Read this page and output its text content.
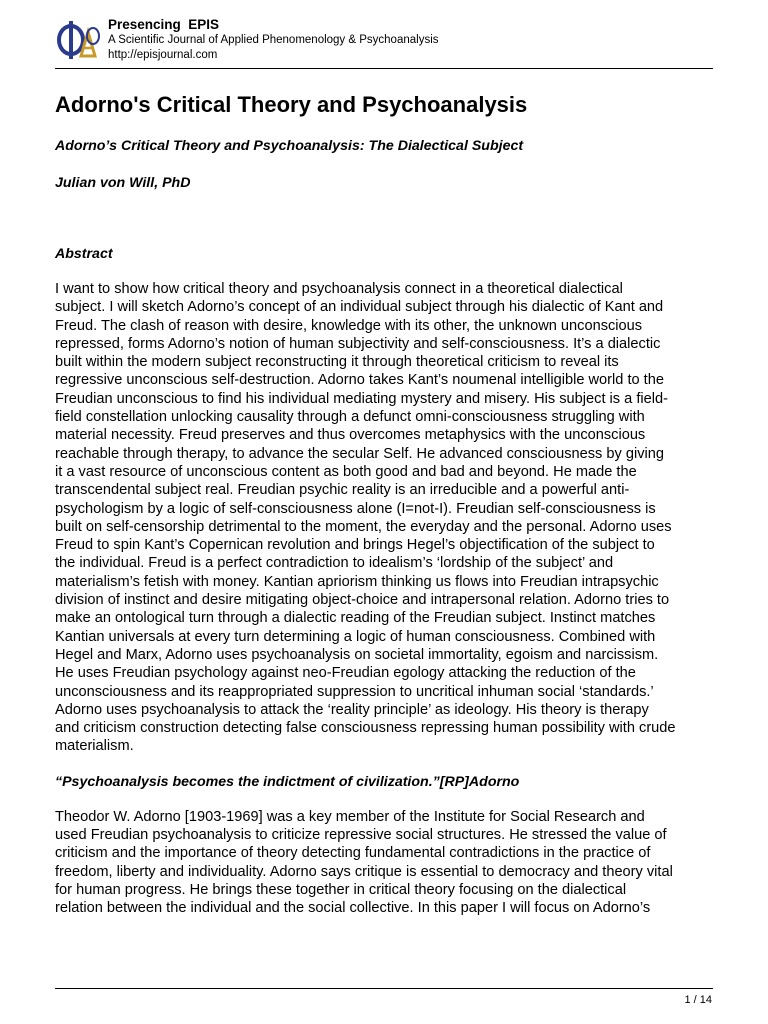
Presencing  EPIS
A Scientific Journal of Applied Phenomenology & Psychoanalysis
http://episjournal.com
Adorno's Critical Theory and Psychoanalysis
Adorno’s Critical Theory and Psychoanalysis: The Dialectical Subject
Julian von Will, PhD
Abstract
I want to show how critical theory and psychoanalysis connect in a theoretical dialectical
subject. I will sketch Adorno’s concept of an individual subject through his dialectic of Kant and
Freud. The clash of reason with desire, knowledge with its other, the unknown unconscious
repressed, forms Adorno’s notion of human subjectivity and self-consciousness. It’s a dialectic
built within the modern subject reconstructing it through theoretical criticism to reveal its
regressive unconscious self-destruction. Adorno takes Kant’s noumenal intelligible world to the
Freudian unconscious to find his individual mediating mystery and misery. His subject is a field-
field constellation unlocking causality through a defunct omni-consciousness struggling with
material necessity. Freud preserves and thus overcomes metaphysics with the unconscious
reachable through therapy, to advance the secular Self. He advanced consciousness by giving
it a vast resource of unconscious content as both good and bad and beyond. He made the
transcendental subject real. Freudian psychic reality is an irreducible and a powerful anti-
psychologism by a logic of self-consciousness alone (I=not-I). Freudian self-consciousness is
built on self-censorship detrimental to the moment, the everyday and the personal. Adorno uses
Freud to spin Kant’s Copernican revolution and brings Hegel’s objectification of the subject to
the individual. Freud is a perfect contradiction to idealism’s ‘lordship of the subject’ and
materialism’s fetish with money. Kantian apriorism thinking us flows into Freudian intrapsychic
division of instinct and desire mitigating object-choice and intrapersonal relation. Adorno tries to
make an ontological turn through a dialectic reading of the Freudian subject. Instinct matches
Kantian universals at every turn determining a logic of human consciousness. Combined with
Hegel and Marx, Adorno uses psychoanalysis on societal immortality, egoism and narcissism.
He uses Freudian psychology against neo-Freudian egology attacking the reduction of the
unconsciousness and its reappropriated suppression to uncritical inhuman social ‘standards.’
Adorno uses psychoanalysis to attack the ‘reality principle’ as ideology. His theory is therapy
and criticism construction detecting false consciousness repressing human possibility with crude
materialism.
“Psychoanalysis becomes the indictment of civilization.”[RP]Adorno
Theodor W. Adorno [1903-1969] was a key member of the Institute for Social Research and
used Freudian psychoanalysis to criticize repressive social structures. He stressed the value of
criticism and the importance of theory detecting fundamental contradictions in the practice of
freedom, liberty and individuality. Adorno says critique is essential to democracy and theory vital
for human progress. He brings these together in critical theory focusing on the dialectical
relation between the individual and the social collective. In this paper I will focus on Adorno’s
1 / 14
